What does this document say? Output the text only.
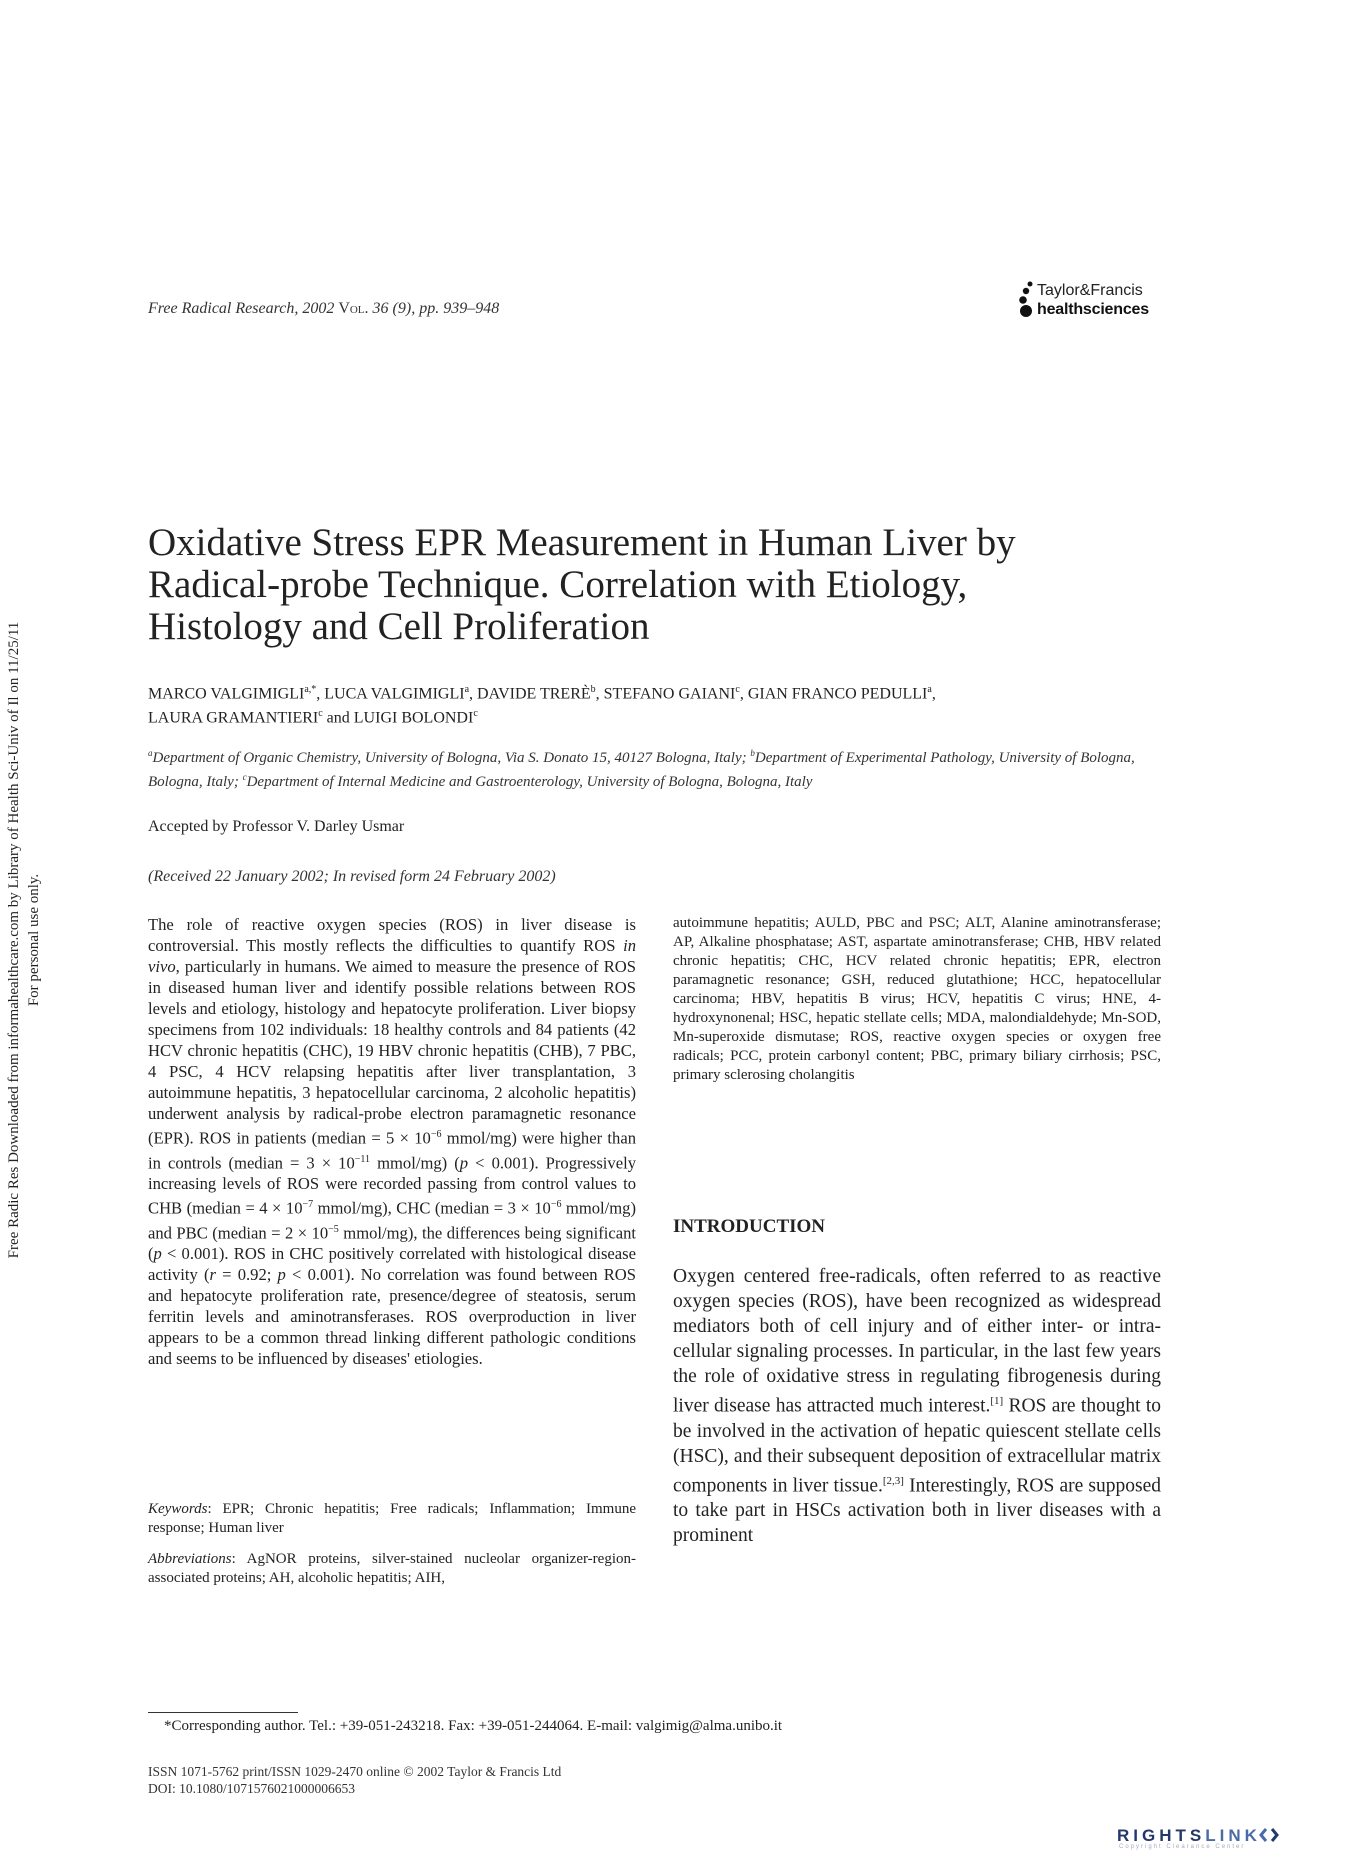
Free Radic Res Downloaded from informahealthcare.com by Library of Health Sci-Univ of Il on 11/25/11 For personal use only.
Free Radical Research, 2002 Vol. 36 (9), pp. 939–948
Taylor&Francis
healthsciences
Oxidative Stress EPR Measurement in Human Liver by
Radical-probe Technique. Correlation with Etiology,
Histology and Cell Proliferation
MARCO $VALGIMIGLI^{a,*}$, LUCA VALGIMIGLI$^a$, DAVIDE TRERÈ$^b$, STEFANO GAIANI$^c$, GIAN FRANCO PEDULLI$^a$,
LAURA GRAMANTIERI$^c$ and LUIGI BOLONDI$^c$
$^a$Department of Organic Chemistry, University of Bologna, Via S. Donato 15, 40127 Bologna, Italy; $^b$Department of Experimental Pathology, University of Bologna, Bologna, Italy; $^c$Department of Internal Medicine and Gastroenterology, University of Bologna, Bologna, Italy
Accepted by Professor V. Darley Usmar
(Received 22 January 2002; In revised form 24 February 2002)
The role of reactive oxygen species (ROS) in liver disease is controversial. This mostly reflects the difficulties to quantify ROS in vivo, particularly in humans. We aimed to measure the presence of ROS in diseased human liver and identify possible relations between ROS levels and etiology, histology and hepatocyte proliferation. Liver biopsy specimens from 102 individuals: 18 healthy controls and 84 patients (42 HCV chronic hepatitis (CHC), 19 HBV chronic hepatitis (CHB), 7 PBC, 4 PSC, 4 HCV relapsing hepatitis after liver transplantation, 3 autoimmune hepatitis, 3 hepatocellular carcinoma, 2 alcoholic hepatitis) underwent analysis by radical-probe electron paramagnetic resonance (EPR). ROS in patients (median = $5 \times 10^{-6}$ mmol/mg) were higher than in controls (median = $3 \times 10^{-11}$ mmol/mg) (p < 0.001). Progressively increasing levels of ROS were recorded passing from control values to CHB (median = $4 \times 10^{-7}$ mmol/mg), CHC (median = $3 \times 10^{-6}$ mmol/mg) and PBC (median = $2 \times 10^{-5}$ mmol/mg), the differences being significant (p < 0.001). ROS in CHC positively correlated with histological disease activity (r = 0.92; p < 0.001). No correlation was found between ROS and hepatocyte proliferation rate, presence/degree of steatosis, serum ferritin levels and aminotransferases. ROS overproduction in liver appears to be a common thread linking different pathologic conditions and seems to be influenced by diseases' etiologies.
Keywords: EPR; Chronic hepatitis; Free radicals; Inflammation; Immune response; Human liver
Abbreviations: AgNOR proteins, silver-stained nucleolar organizer-region-associated proteins; AH, alcoholic hepatitis; AIH,
autoimmune hepatitis; AULD, PBC and PSC; ALT, Alanine aminotransferase; AP, Alkaline phosphatase; AST, aspartate aminotransferase; CHB, HBV related chronic hepatitis; CHC, HCV related chronic hepatitis; EPR, electron paramagnetic resonance; GSH, reduced glutathione; HCC, hepatocellular carcinoma; HBV, hepatitis B virus; HCV, hepatitis C virus; HNE, 4-hydroxynonenal; HSC, hepatic stellate cells; MDA, malondialdehyde; Mn-SOD, Mn-superoxide dismutase; ROS, reactive oxygen species or oxygen free radicals; PCC, protein carbonyl content; PBC, primary biliary cirrhosis; PSC, primary sclerosing cholangitis
INTRODUCTION
Oxygen centered free-radicals, often referred to as reactive oxygen species (ROS), have been recognized as widespread mediators both of cell injury and of either inter- or intra-cellular signaling processes. In particular, in the last few years the role of oxidative stress in regulating fibrogenesis during liver disease has attracted much interest.[1] ROS are thought to be involved in the activation of hepatic quiescent stellate cells (HSC), and their subsequent deposition of extracellular matrix components in liver tissue.[2,3] Interestingly, ROS are supposed to take part in HSCs activation both in liver diseases with a prominent
*Corresponding author. Tel.: +39-051-243218. Fax: +39-051-244064. E-mail: valgimig@alma.unibo.it
ISSN 1071-5762 print/ISSN 1029-2470 online © 2002 Taylor & Francis Ltd
DOI: 10.1080/1071576021000006653
RIGHTSLINK
Copyright Clearance Center
